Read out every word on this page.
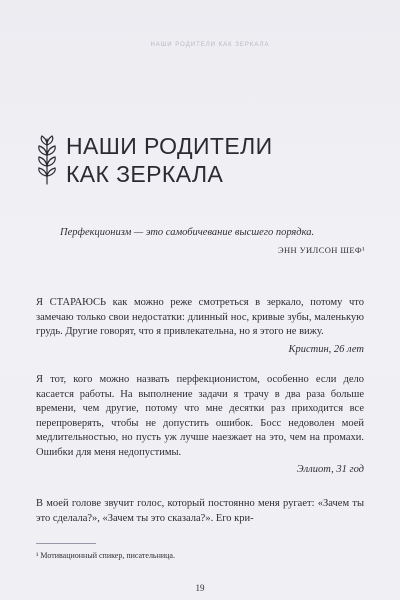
НАШИ РОДИТЕЛИ КАК ЗЕРКАЛА
НАШИ РОДИТЕЛИ
КАК ЗЕРКАЛА
Перфекционизм — это самобичевание высшего порядка.
ЭНН УИЛСОН ШЕФ¹
Я СТАРАЮСЬ как можно реже смотреться в зеркало, потому что замечаю только свои недостатки: длинный нос, кривые зубы, маленькую грудь. Другие говорят, что я привлекательна, но я этого не вижу.
Кристин, 26 лет
Я тот, кого можно назвать перфекционистом, особенно если дело касается работы. На выполнение задачи я трачу в два раза больше времени, чем другие, потому что мне десятки раз приходится все перепроверять, чтобы не допустить ошибок. Босс недоволен моей медлительностью, но пусть уж лучше наезжает на это, чем на промахи. Ошибки для меня недопустимы.
Эллиот, 31 год
В моей голове звучит голос, который постоянно меня ругает: «Зачем ты это сделала?», «Зачем ты это сказала?». Его кри-
¹ Мотивационный спикер, писательница.
19
